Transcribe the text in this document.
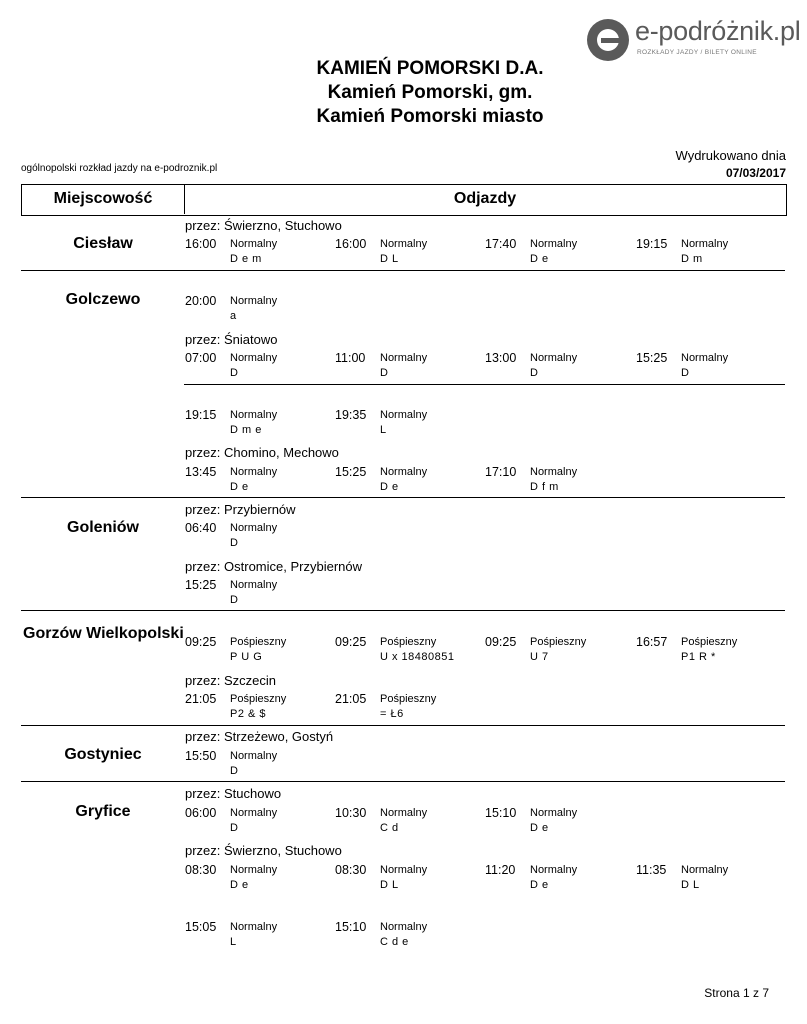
e-podróżnik.pl
ROZKŁADY JAZDY / BILETY ONLINE
KAMIEŃ POMORSKI D.A.
Kamień Pomorski, gm.
Kamień Pomorski miasto
ogólnopolski rozkład jazdy na e-podroznik.pl
Wydrukowano dnia
07/03/2017
Miejscowość	Odjazdy
Ciesław
Golczewo
Goleniów
Gorzów Wielkopolski
Gostyniec
Gryfice
przez: Świerzno, Stuchowo
przez: Śniatowo
przez: Chomino, Mechowo
przez: Przybiernów
przez: Ostromice, Przybiernów
przez: Szczecin
przez: Strzeżewo, Gostyń
przez: Stuchowo
przez: Świerzno, Stuchowo
16:00 Normalny
D e m
16:00 Normalny
D L
17:40 Normalny
D e
19:15 Normalny
D m
20:00 Normalny
a
07:00 Normalny
D
11:00 Normalny
D
13:00 Normalny
D
15:25 Normalny
D
19:15 Normalny
D m e
19:35 Normalny
L
13:45 Normalny
D e
15:25 Normalny
D e
17:10 Normalny
D f m
06:40 Normalny
D
15:25 Normalny
D
09:25 Pośpieszny
P U G
09:25 Pośpieszny
U x 18480851
09:25 Pośpieszny
U 7
16:57 Pośpieszny
P1 R *
21:05 Pośpieszny
P2 & $
21:05 Pośpieszny
= Ł6
15:50 Normalny
D
06:00 Normalny
D
10:30 Normalny
C d
15:10 Normalny
D e
08:30 Normalny
D e
08:30 Normalny
D L
11:20 Normalny
D e
11:35 Normalny
D L
15:05 Normalny
L
15:10 Normalny
C d e
Strona 1 z 7
